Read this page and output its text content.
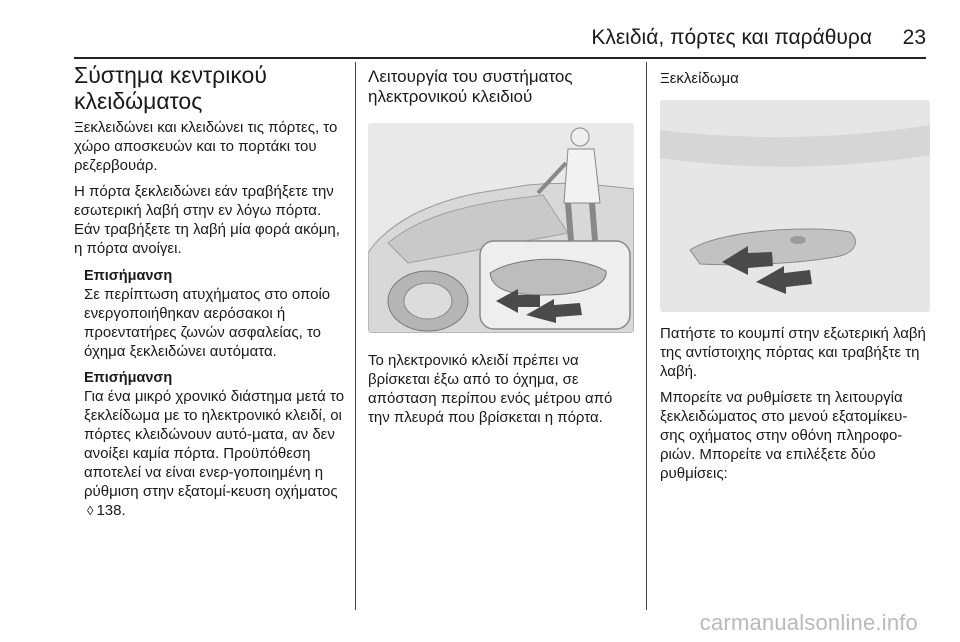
Κλειδιά, πόρτες και παράθυρα 23
Σύστημα κεντρικού
κλειδώματος

Ξεκλειδώνει και κλειδώνει τις πόρτες, το χώρο αποσκευών και το πορτάκι του ρεζερβουάρ.

Η πόρτα ξεκλειδώνει εάν τραβήξετε την εσωτερική λαβή στην εν λόγω πόρτα. Εάν τραβήξετε τη λαβή μία φορά ακόμη, η πόρτα ανοίγει.

Επισήμανση

Σε περίπτωση ατυχήματος στο οποίο ενεργοποιήθηκαν αερόσακοι ή προεντατήρες ζωνών ασφαλείας, το όχημα ξεκλειδώνει αυτόματα.

Επισήμανση

Για ένα μικρό χρονικό διάστημα μετά το ξεκλείδωμα με το ηλεκτρονικό κλειδί, οι πόρτες κλειδώνουν αυτό-ματα, αν δεν ανοίξει καμία πόρτα. Προϋπόθεση αποτελεί να είναι ενερ-γοποιημένη η ρύθμιση στην εξατομί-κευση οχήματος◊ 138.

Λειτουργία του συστήματος ηλεκτρονικού κλειδιού

Το ηλεκτρονικό κλειδί πρέπει να βρίσκεται έξω από το όχημα, σε απόσταση περίπου ενός μέτρου από την πλευρά που βρίσκεται η πόρτα.

Ξεκλείδωμα

Πατήστε το κουμπί στην εξωτερική λαβή της αντίστοιχης πόρτας και τραβήξτε τη λαβή.

Μπορείτε να ρυθμίσετε τη λειτουργία ξεκλειδώματος στο μενού εξατομίκευ-σης οχήματος στην οθόνη πληροφο-ριών. Μπορείτε να επιλέξετε δύο ρυθμίσεις:

carmanualsonline.info
